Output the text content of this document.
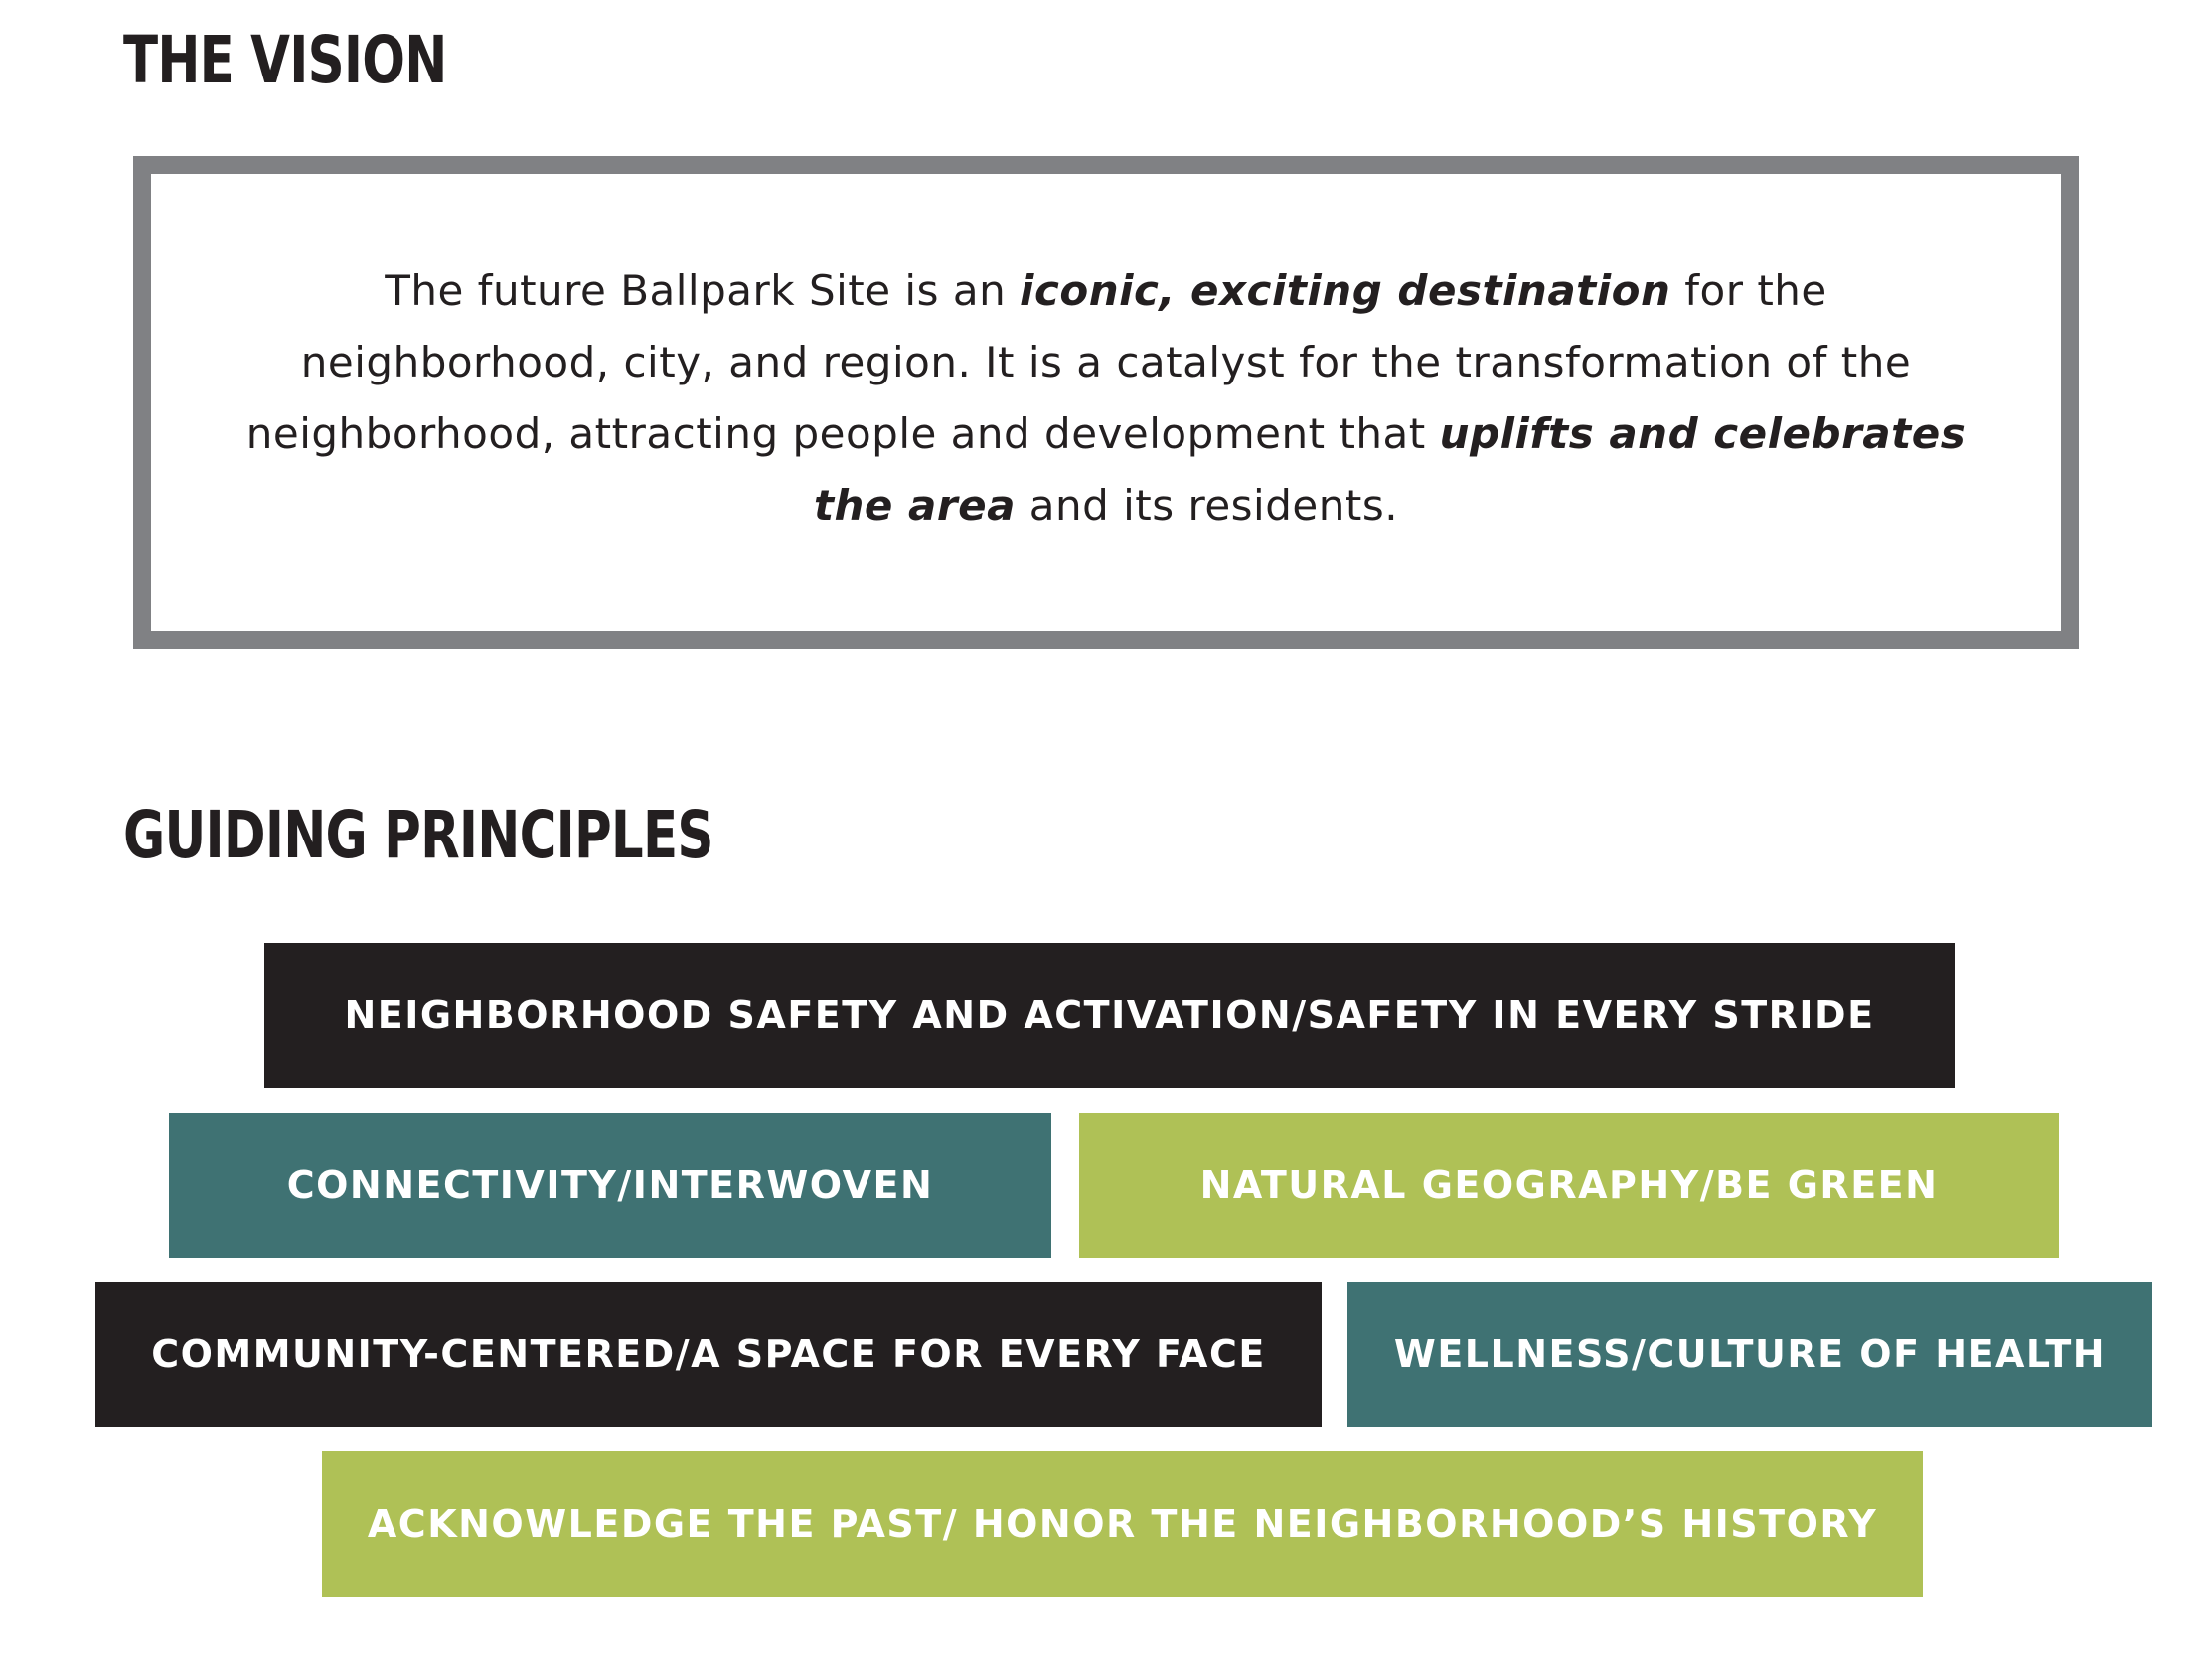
THE VISION

The future Ballpark Site is an iconic, exciting destination for the neighborhood, city, and region. It is a catalyst for the transformation of the neighborhood, attracting people and development that uplifts and celebrates the area and its residents.

GUIDING PRINCIPLES
NEIGHBORHOOD SAFETY AND ACTIVATION/SAFETY IN EVERY STRIDE
CONNECTIVITY/INTERWOVEN	NATURAL GEOGRAPHY/BE GREEN
COMMUNITY-CENTERED/A SPACE FOR EVERY FACE	WELLNESS/CULTURE OF HEALTH
ACKNOWLEDGE THE PAST/ HONOR THE NEIGHBORHOOD’S HISTORY
